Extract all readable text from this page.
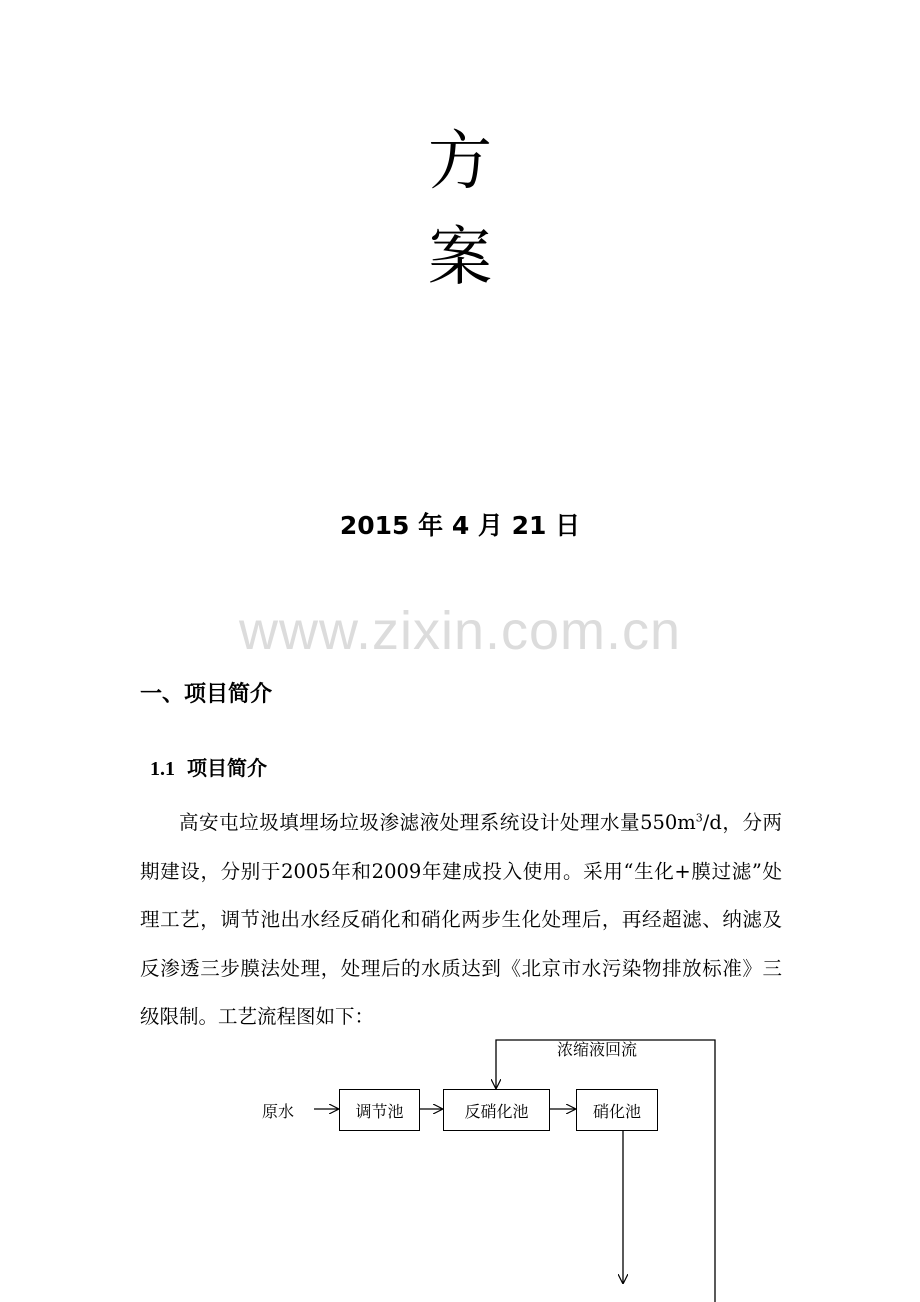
方
案
2015 年 4 月 21 日
www.zixin.com.cn
一、项目简介
1.1 项目简介
高安屯垃圾填埋场垃圾渗滤液处理系统设计处理水量$550m^3/d$，分两期建设，分别于2005年和2009年建成投入使用。采用“生化+膜过滤”处理工艺，调节池出水经反硝化和硝化两步生化处理后，再经超滤、纳滤及反渗透三步膜法处理，处理后的水质达到《北京市水污染物排放标准》三级限制。工艺流程图如下：
浓缩液回流
原水	调节池	反硝化池	硝化池
